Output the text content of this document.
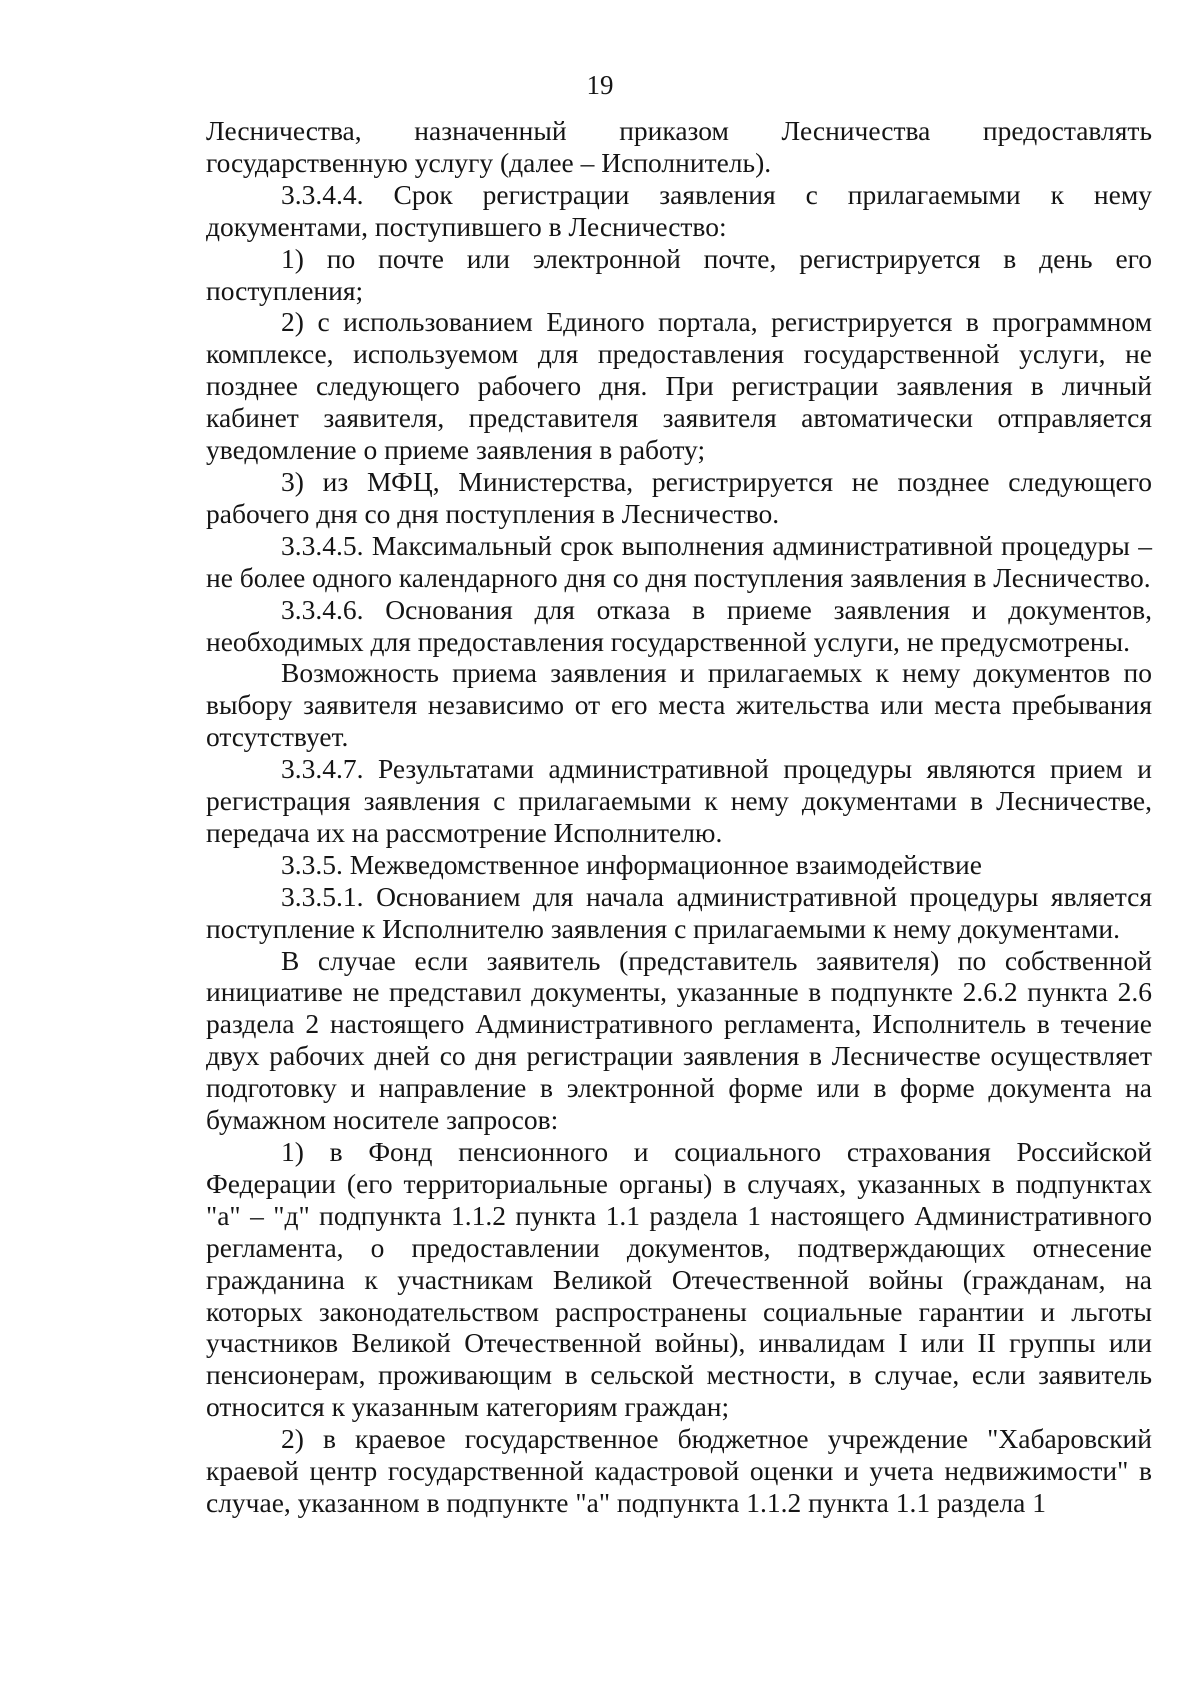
19

Лесничества, назначенный приказом Лесничества предоставлять государственную услугу (далее – Исполнитель).

3.3.4.4. Срок регистрации заявления с прилагаемыми к нему документами, поступившего в Лесничество:

1) по почте или электронной почте, регистрируется в день его поступления;

2) с использованием Единого портала, регистрируется в программном комплексе, используемом для предоставления государственной услуги, не позднее следующего рабочего дня. При регистрации заявления в личный кабинет заявителя, представителя заявителя автоматически отправляется уведомление о приеме заявления в работу;

3) из МФЦ, Министерства, регистрируется не позднее следующего рабочего дня со дня поступления в Лесничество.

3.3.4.5. Максимальный срок выполнения административной процедуры – не более одного календарного дня со дня поступления заявления в Лесничество.

3.3.4.6. Основания для отказа в приеме заявления и документов, необходимых для предоставления государственной услуги, не предусмотрены.

Возможность приема заявления и прилагаемых к нему документов по выбору заявителя независимо от его места жительства или места пребывания отсутствует.

3.3.4.7. Результатами административной процедуры являются прием и регистрация заявления с прилагаемыми к нему документами в Лесничестве, передача их на рассмотрение Исполнителю.

3.3.5. Межведомственное информационное взаимодействие

3.3.5.1. Основанием для начала административной процедуры является поступление к Исполнителю заявления с прилагаемыми к нему документами.

В случае если заявитель (представитель заявителя) по собственной инициативе не представил документы, указанные в подпункте 2.6.2 пункта 2.6 раздела 2 настоящего Административного регламента, Исполнитель в течение двух рабочих дней со дня регистрации заявления в Лесничестве осуществляет подготовку и направление в электронной форме или в форме документа на бумажном носителе запросов:

1) в Фонд пенсионного и социального страхования Российской Федерации (его территориальные органы) в случаях, указанных в подпунктах "а" – "д" подпункта 1.1.2 пункта 1.1 раздела 1 настоящего Административного регламента, о предоставлении документов, подтверждающих отнесение гражданина к участникам Великой Отечественной войны (гражданам, на которых законодательством распространены социальные гарантии и льготы участников Великой Отечественной войны), инвалидам I или II группы или пенсионерам, проживающим в сельской местности, в случае, если заявитель относится к указанным категориям граждан;

2) в краевое государственное бюджетное учреждение "Хабаровский краевой центр государственной кадастровой оценки и учета недвижимости" в случае, указанном в подпункте "а" подпункта 1.1.2 пункта 1.1 раздела 1
